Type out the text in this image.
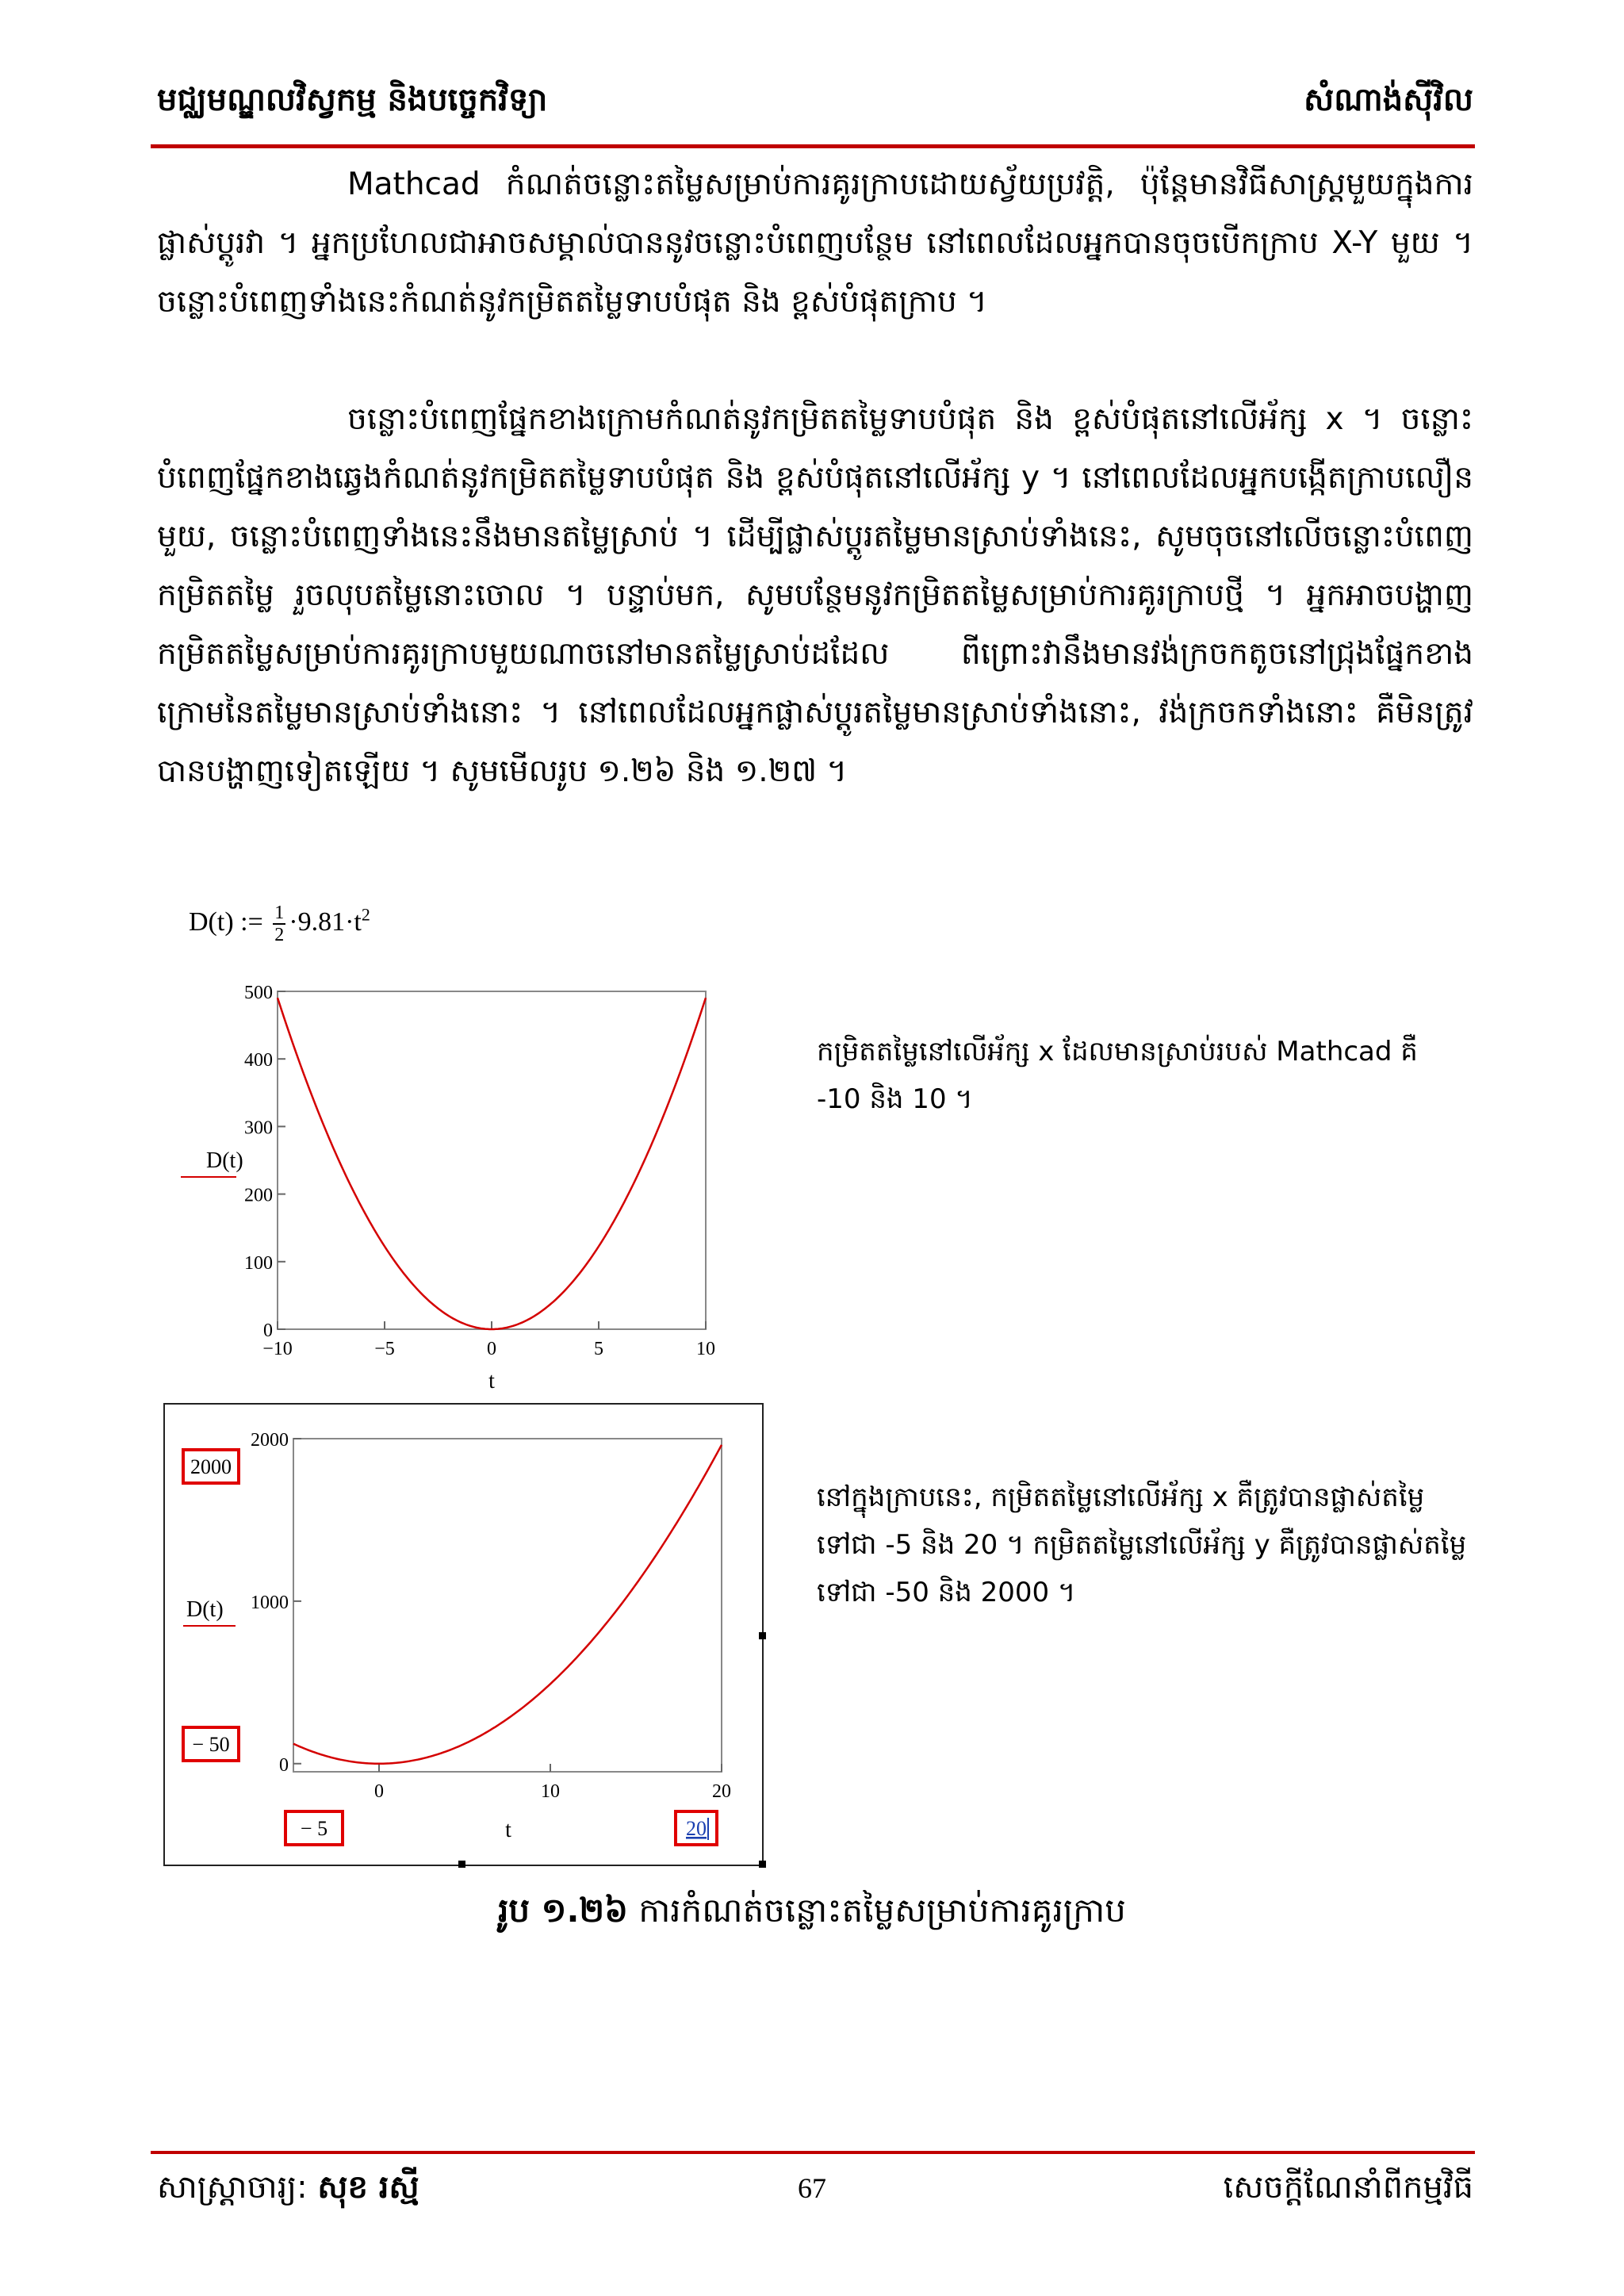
មជ្ឈមណ្ឌលវិស្វកម្ម និងបច្ចេកវិទ្យា	សំណាង់ស៊ីវិល

Mathcad កំណត់ចន្លោះតម្លៃសម្រាប់ការគូរក្រាបដោយស្វ័យប្រវត្តិ, ប៉ុន្តែមានវិធីសាស្ត្រមួយក្នុងការផ្លាស់ប្តូរវា ។ អ្នកប្រហែលជាអាចសម្គាល់បាននូវចន្លោះបំពេញបន្ថែម នៅពេលដែលអ្នកបានចុចបើកក្រាប X-Y មួយ ។ ចន្លោះបំពេញទាំងនេះកំណត់នូវកម្រិតតម្លៃទាបបំផុត និង ខ្ពស់បំផុតក្រាប ។

ចន្លោះបំពេញផ្នែកខាងក្រោមកំណត់នូវកម្រិតតម្លៃទាបបំផុត និង ខ្ពស់បំផុតនៅលើអ័ក្ស x ។ ចន្លោះបំពេញផ្នែកខាងឆ្វេងកំណត់នូវកម្រិតតម្លៃទាបបំផុត និង ខ្ពស់បំផុតនៅលើអ័ក្ស y ។ នៅពេលដែលអ្នកបង្កើតក្រាបលឿនមួយ, ចន្លោះបំពេញទាំងនេះនឹងមានតម្លៃស្រាប់ ។ ដើម្បីផ្លាស់ប្តូរតម្លៃមានស្រាប់ទាំងនេះ, សូមចុចនៅលើចន្លោះបំពេញកម្រិតតម្លៃ រួចលុបតម្លៃនោះចោល ។ បន្ទាប់មក, សូមបន្ថែមនូវកម្រិតតម្លៃសម្រាប់ការគូរក្រាបថ្មី ។ អ្នកអាចបង្ហាញកម្រិតតម្លៃសម្រាប់ការគូរក្រាបមួយណាចនៅមានតម្លៃស្រាប់ដដែល ពីព្រោះវានឹងមានវង់ក្រចកតូចនៅជ្រុងផ្នែកខាងក្រោមនៃតម្លៃមានស្រាប់ទាំងនោះ ។ នៅពេលដែលអ្នកផ្លាស់ប្តូរតម្លៃមានស្រាប់ទាំងនោះ, វង់ក្រចកទាំងនោះ គឺមិនត្រូវបានបង្ហាញទៀតឡើយ ។ សូមមើលរូប ១.២៦ និង ១.២៧ ។

D(t) := $\frac{1}{2} \cdot 9.81\cdot t^2$
0
100
200
300
400
500
−10	−5	0	5	10
D(t)
t
0
1000
2000
0	10	20
D(t)
t
2000
− 50
− 5	20
កម្រិតតម្លៃនៅលើអ័ក្ស x ដែលមានស្រាប់របស់ Mathcad គឺ -10 និង 10 ។
នៅក្នុងក្រាបនេះ, កម្រិតតម្លៃនៅលើអ័ក្ស x គឺត្រូវបានផ្លាស់តម្លៃទៅជា -5 និង 20 ។ កម្រិតតម្លៃនៅលើអ័ក្ស y គឺត្រូវបានផ្លាស់តម្លៃទៅជា -50 និង 2000 ។
រូប ១.២៦ ការកំណត់ចន្លោះតម្លៃសម្រាប់ការគូរក្រាប
សាស្ត្រាចារ្យ: សុខ រស្មី	67	សេចក្តីណែនាំពីកម្មវិធី
